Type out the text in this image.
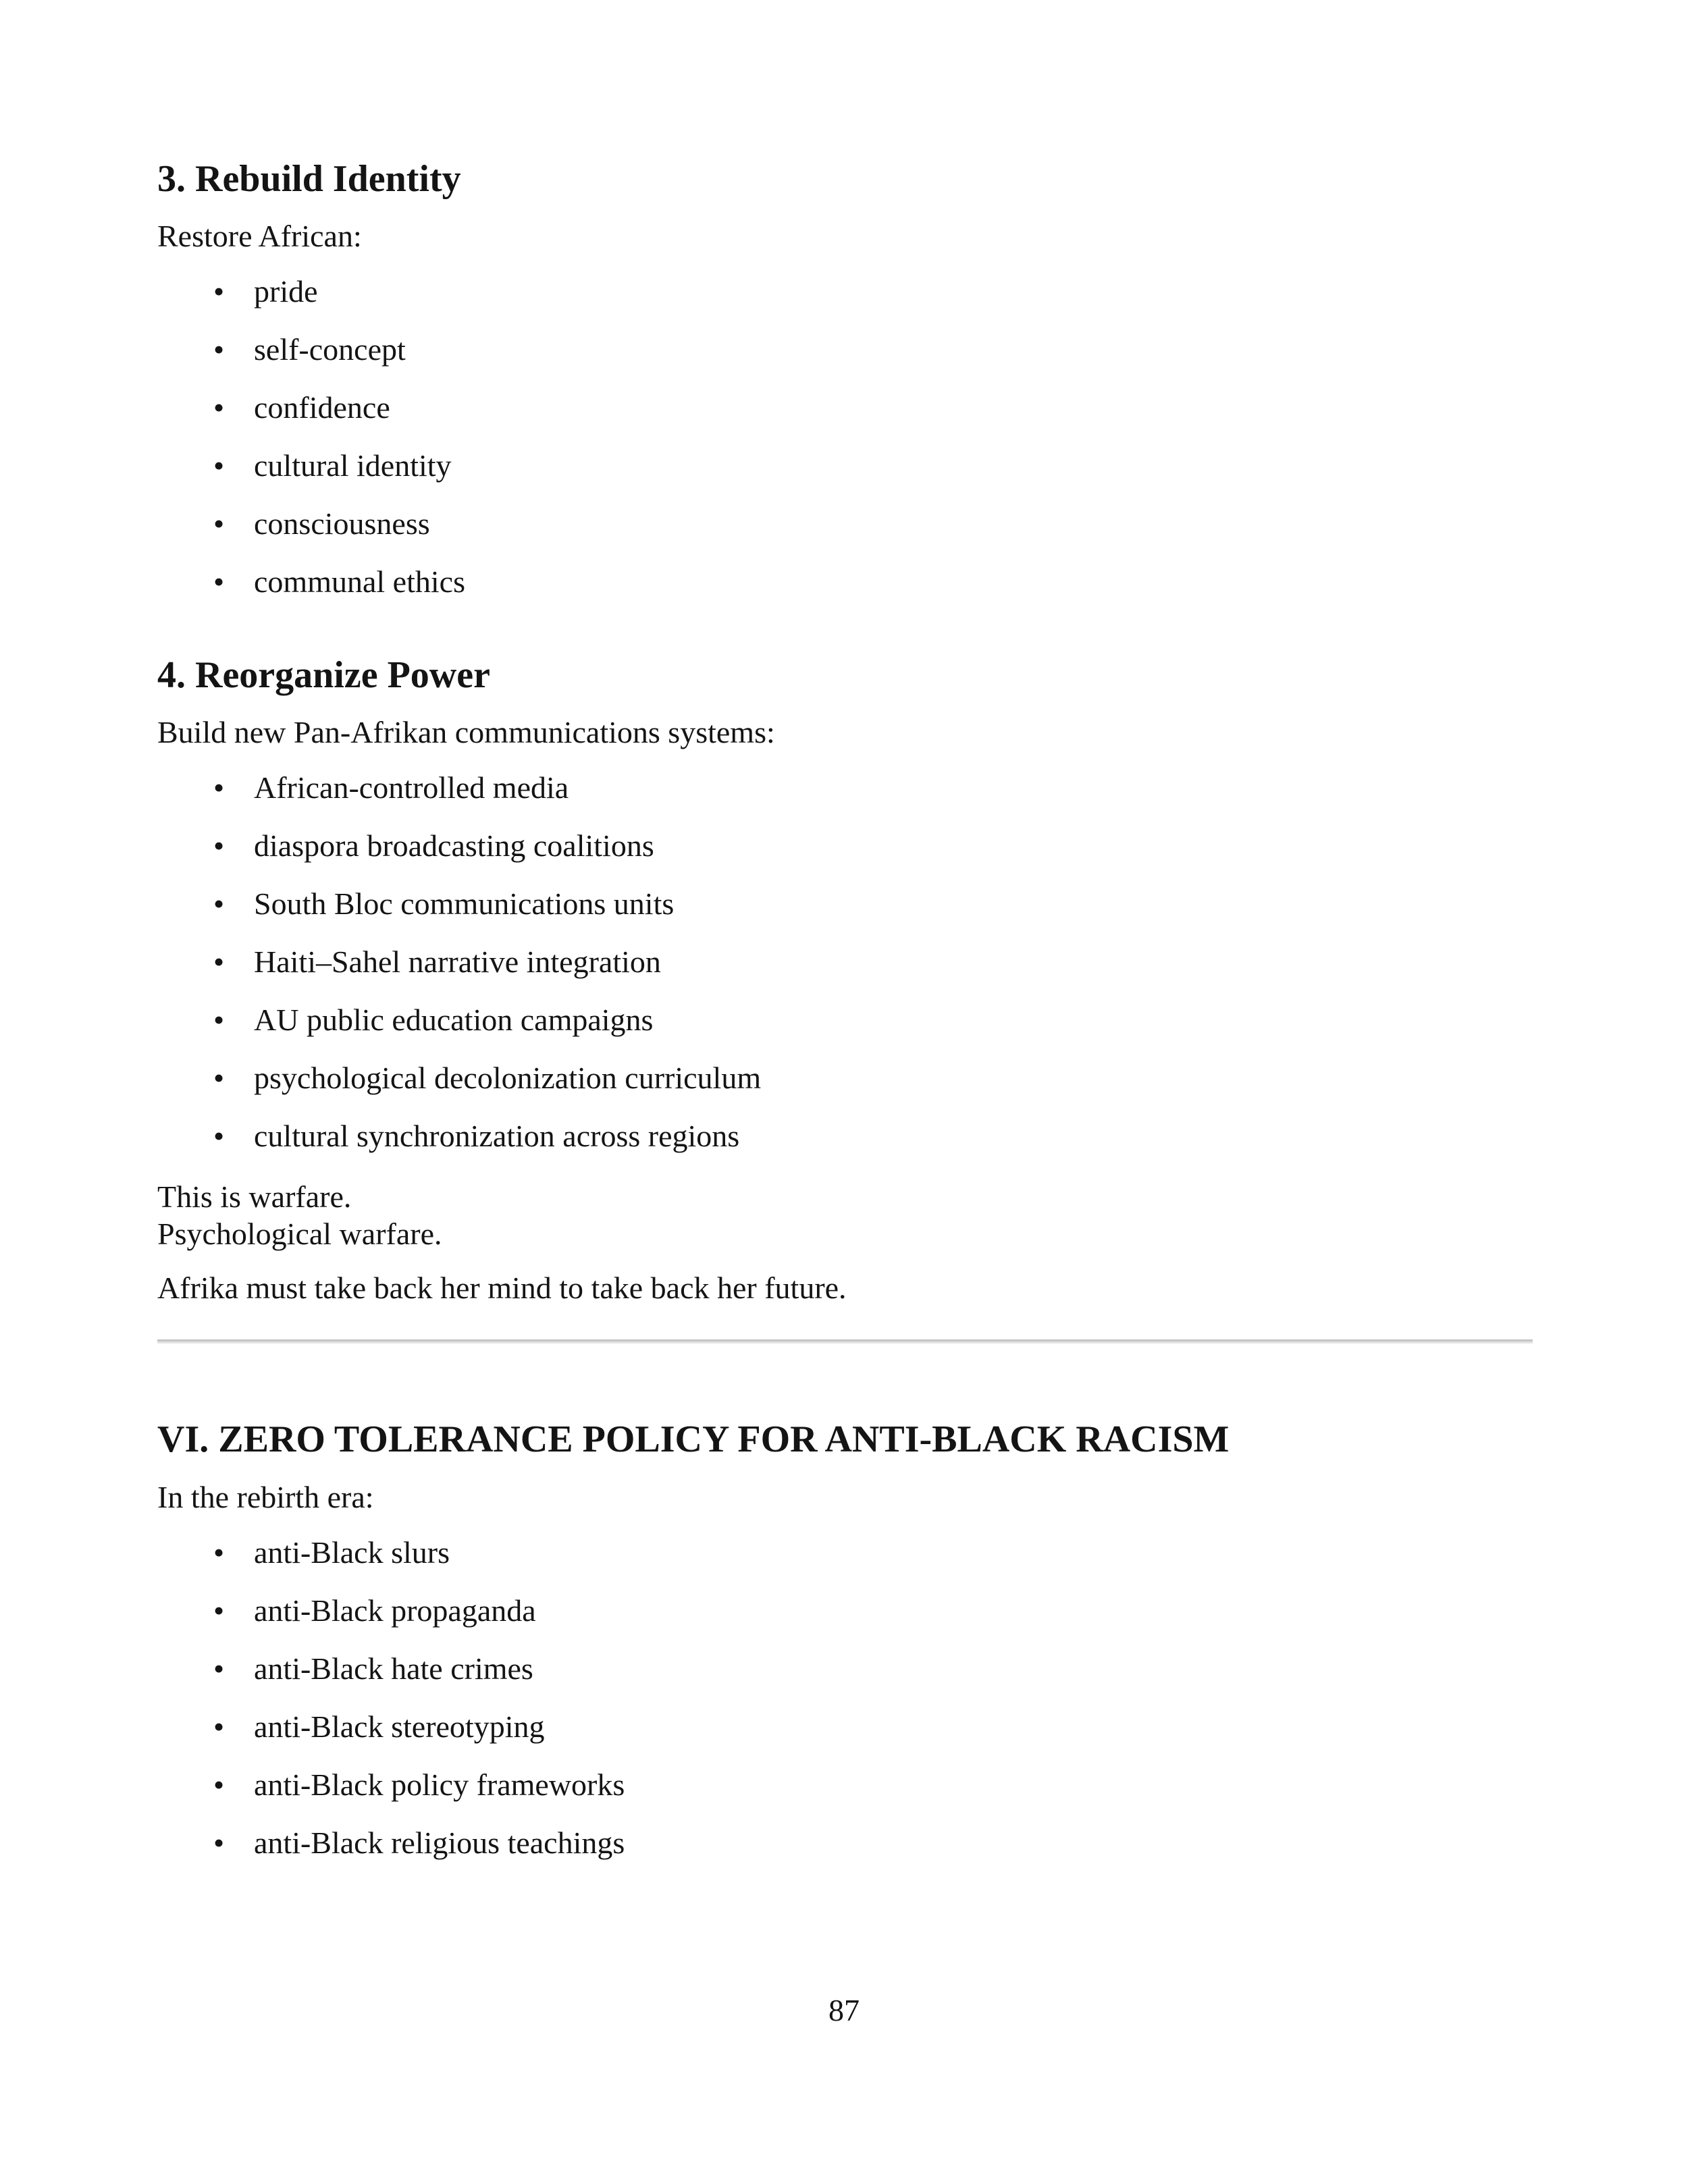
3. Rebuild Identity

Restore African:

• pride
• self-concept
• confidence
• cultural identity
• consciousness
• communal ethics
4. Reorganize Power

Build new Pan-Afrikan communications systems:

• African-controlled media
• diaspora broadcasting coalitions
• South Bloc communications units
• Haiti–Sahel narrative integration
• AU public education campaigns
• psychological decolonization curriculum
• cultural synchronization across regions

This is warfare.

Psychological warfare.

Afrika must take back her mind to take back her future.

VI. ZERO TOLERANCE POLICY FOR ANTI-BLACK RACISM

In the rebirth era:

• anti-Black slurs
• anti-Black propaganda
• anti-Black hate crimes
• anti-Black stereotyping
• anti-Black policy frameworks
• anti-Black religious teachings
87
